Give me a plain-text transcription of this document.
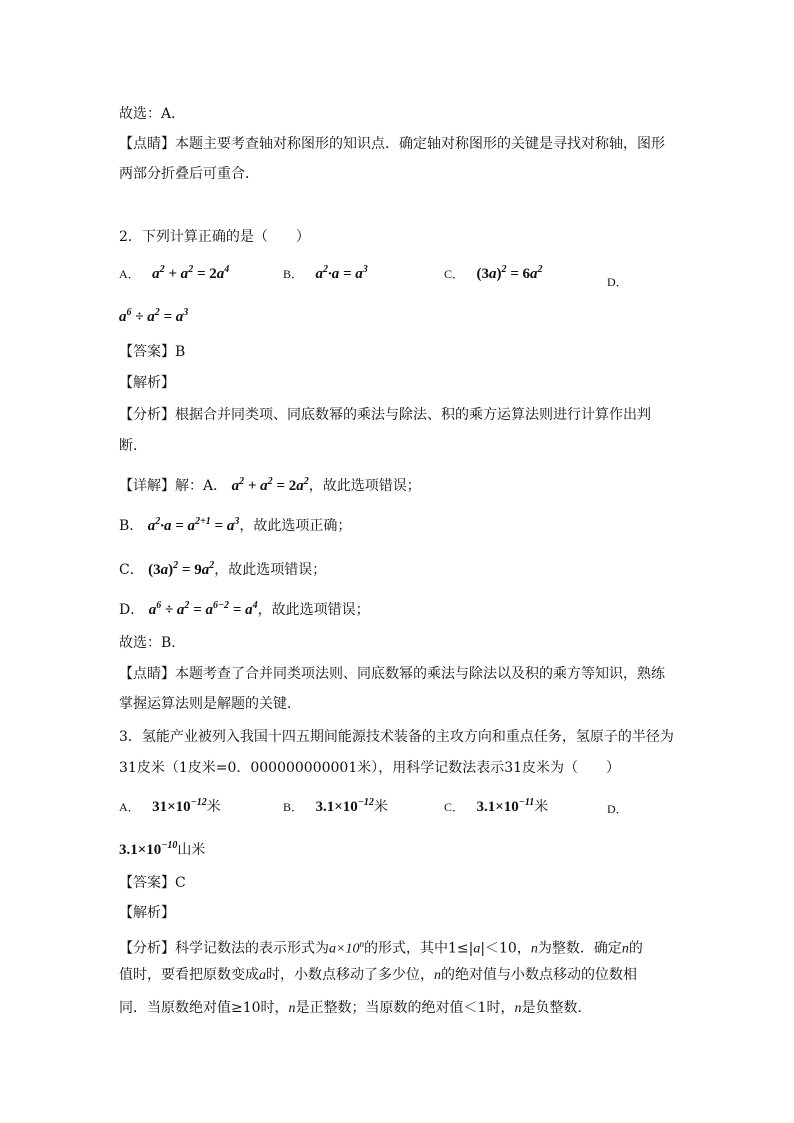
故选：A．
【点睛】本题主要考查轴对称图形的知识点．确定轴对称图形的关键是寻找对称轴，图形
两部分折叠后可重合．
2．下列计算正确的是（　　）
A． $a^2 + a^2 = 2a^4$	B． $a^2\cdot a = a^3$	C． $(3a)^2 = 6a^2$
D．
$a^6 \div a^2 = a^3$
【答案】B
【解析】
【分析】根据合并同类项、同底数幂的乘法与除法、积的乘方运算法则进行计算作出判
断．
【详解】解：A． $a^2 + a^2 = 2a^2$，故此选项错误；
B． $a^2\cdot a = a^{2+1} = a^3$，故此选项正确；
C． $(3a)^2 = 9a^2$，故此选项错误；
D． $a^6 \div a^2 = a^{6-2} = a^4$，故此选项错误；
故选：B．
【点睛】本题考查了合并同类项法则、同底数幂的乘法与除法以及积的乘方等知识，熟练
掌握运算法则是解题的关键．
3．氢能产业被列入我国十四五期间能源技术装备的主攻方向和重点任务，氢原子的半径为
31皮米（1皮米=0．000000000001米），用科学记数法表示31皮米为（　　）
A． $31\times 10^{-12}$米	B． $3.1\times 10^{-12}$米	C． $3.1\times 10^{-11}$米	D．
$3.1\times 10^{-10}$山米
【答案】C
【解析】
【分析】科学记数法的表示形式为$a\times 10^n$的形式，其中1≤|a|＜10，n为整数．确定n的
值时，要看把原数变成a时，小数点移动了多少位，n的绝对值与小数点移动的位数相
同．当原数绝对值≥10时，n是正整数；当原数的绝对值＜1时，n是负整数．
